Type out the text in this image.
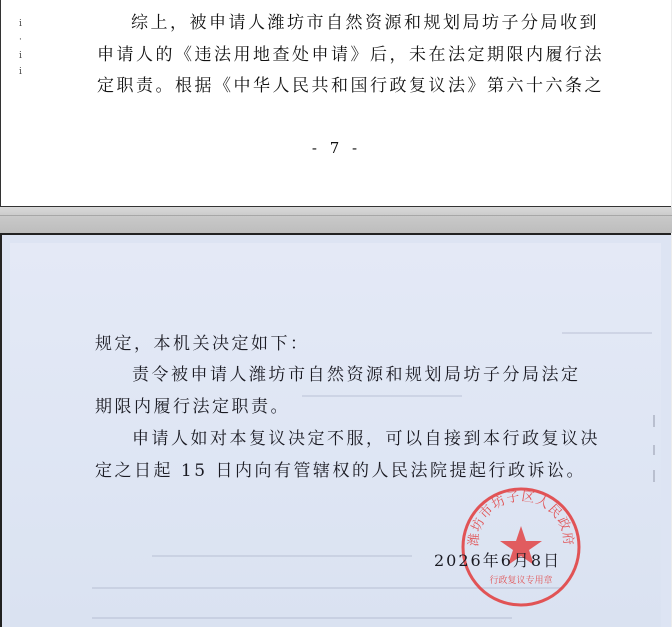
ⅰ
·
ⅰ
ⅰ
综上，被申请人潍坊市自然资源和规划局坊子分局收到
申请人的《违法用地查处申请》后，未在法定期限内履行法
定职责。根据《中华人民共和国行政复议法》第六十六条之
- 7 -
规定，本机关决定如下：
责令被申请人潍坊市自然资源和规划局坊子分局法定
期限内履行法定职责。
申请人如对本复议决定不服，可以自接到本行政复议决
定之日起 15 日内向有管辖权的人民法院提起行政诉讼。
潍坊市坊子区人民政府
行政复议专用章
2026年6月8日
